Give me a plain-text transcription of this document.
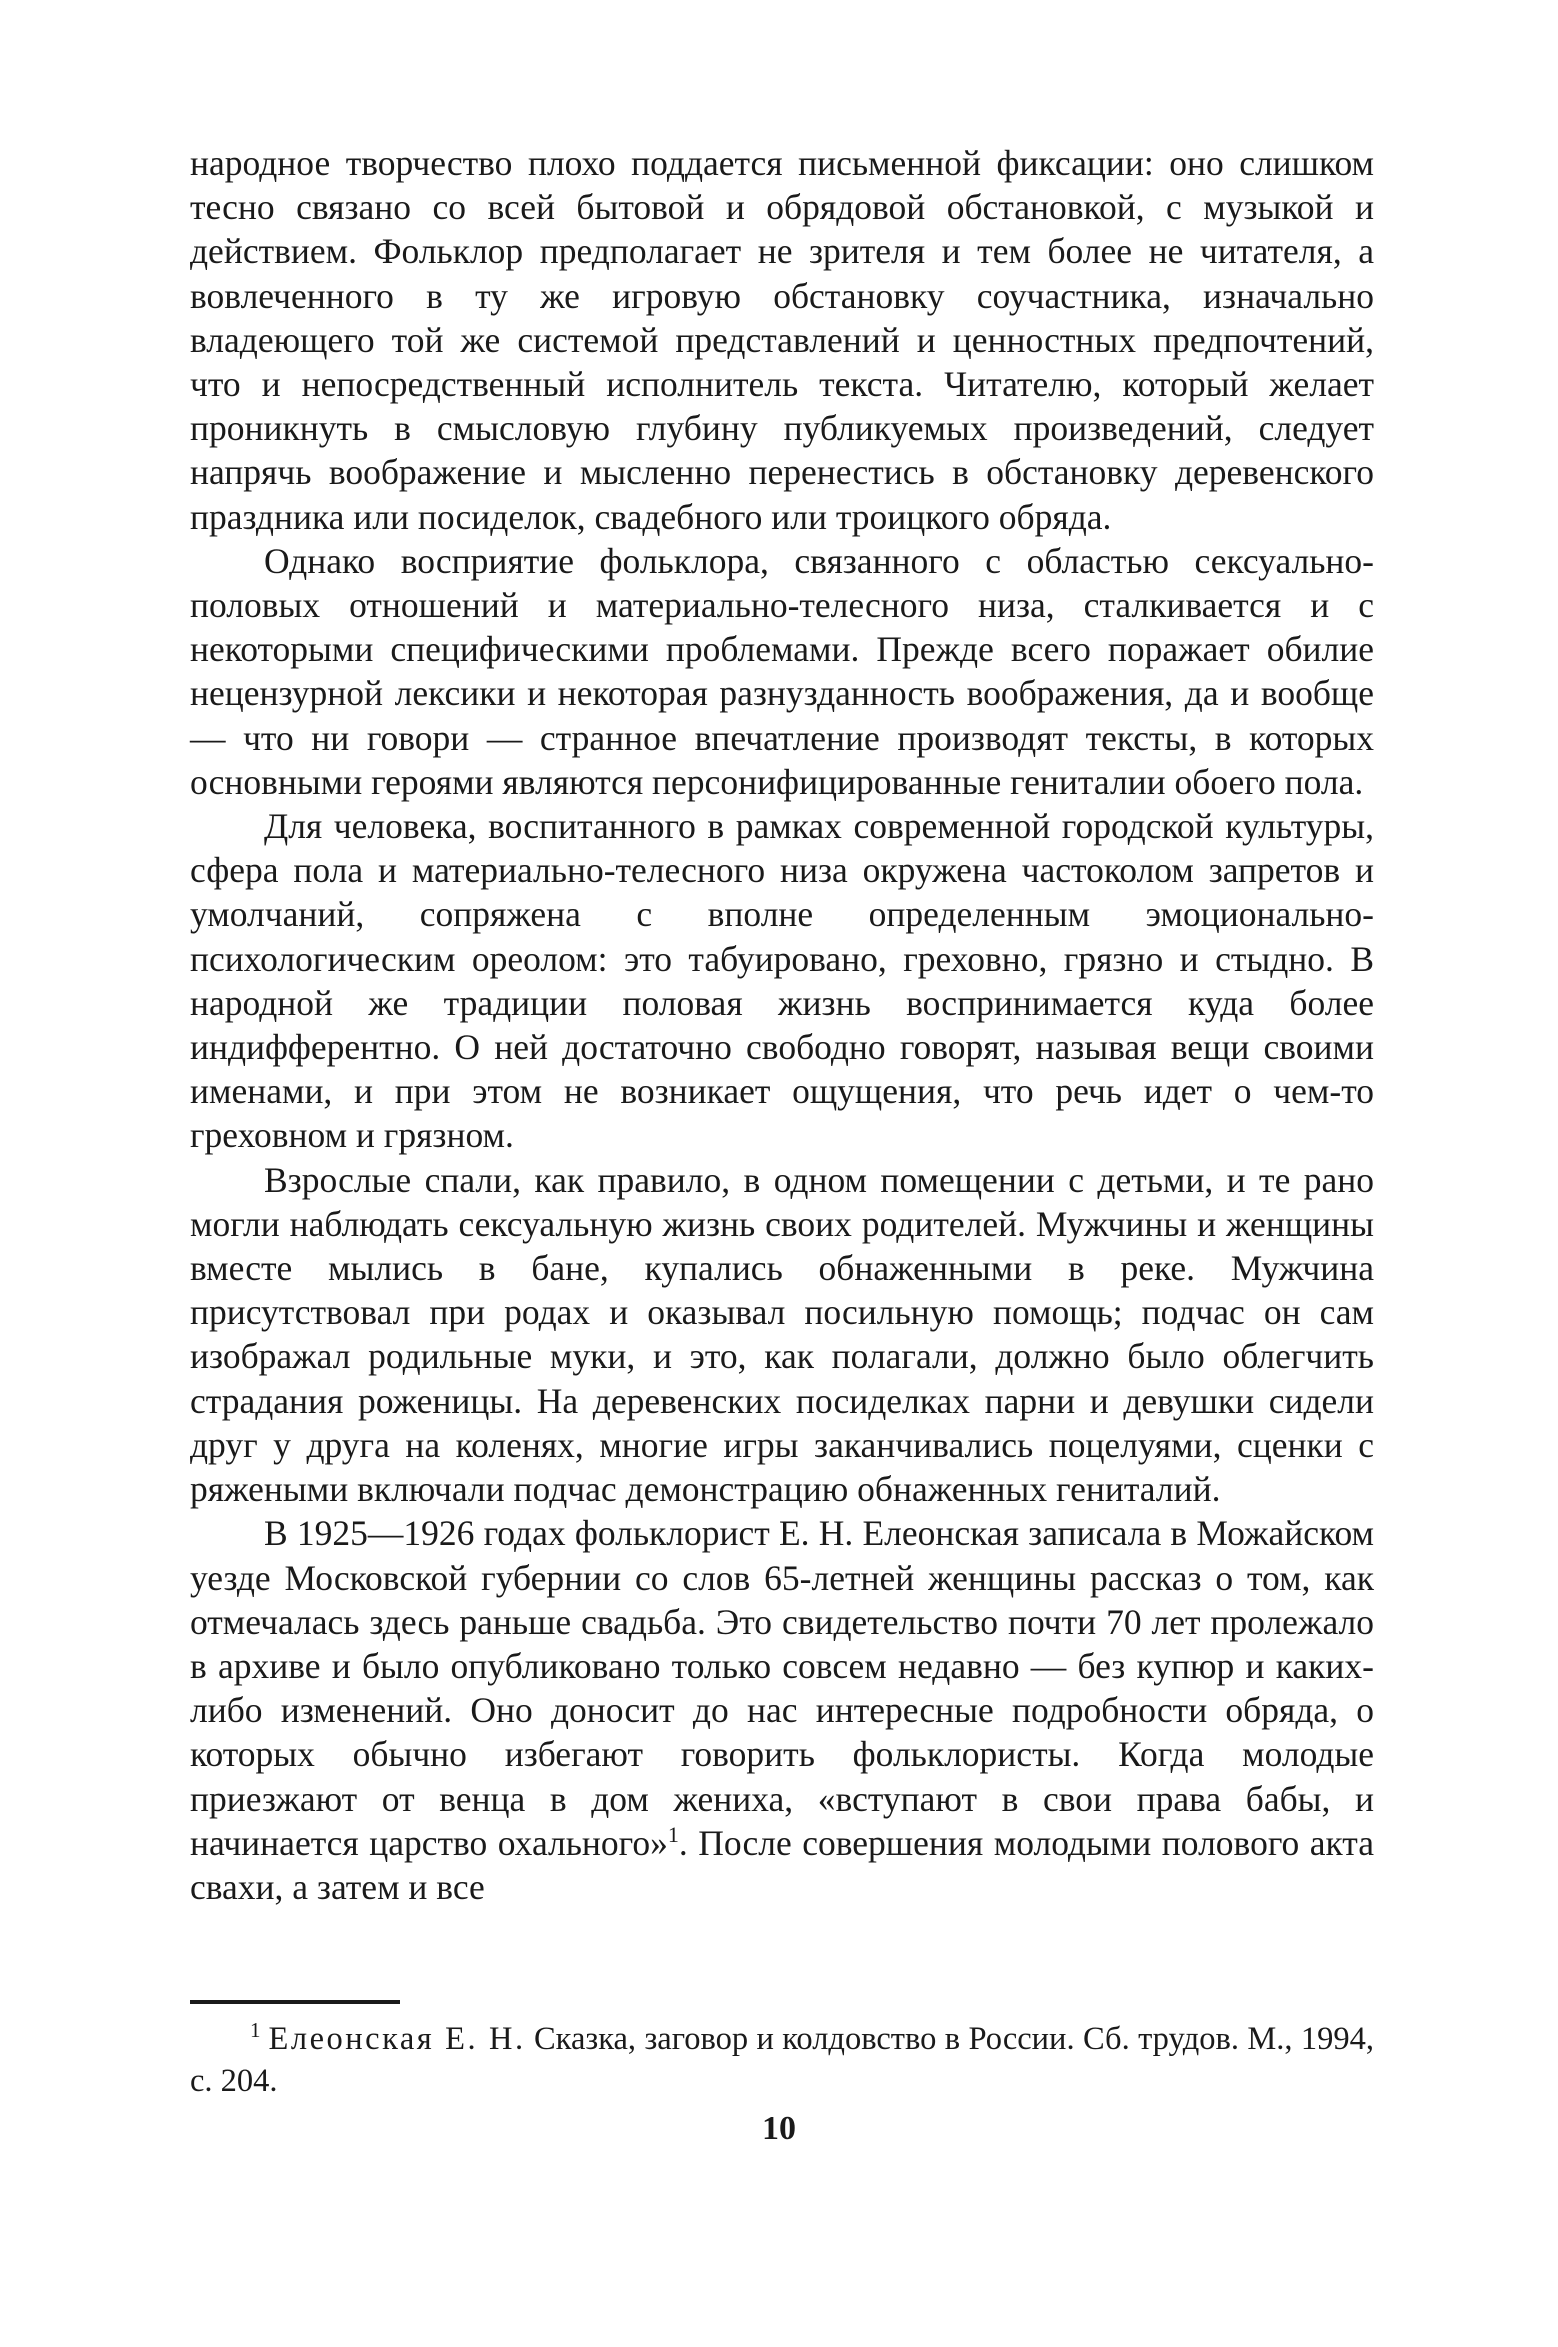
народное творчество плохо поддается письменной фиксации: оно слишком тесно связано со всей бытовой и обрядовой обстановкой, с музыкой и действием. Фольклор предполагает не зрителя и тем более не читателя, а вовлеченного в ту же игровую обстановку соучастника, изначально владеющего той же системой представлений и ценностных предпочтений, что и непосредственный исполнитель текста. Читателю, который желает проникнуть в смысловую глубину публикуемых произведений, следует напрячь воображение и мысленно перенестись в обстановку деревенского праздника или посиделок, свадебного или троицкого обряда.

Однако восприятие фольклора, связанного с областью сексуально-половых отношений и материально-телесного низа, сталкивается и с некоторыми специфическими проблемами. Прежде всего поражает обилие нецензурной лексики и некоторая разнузданность воображения, да и вообще — что ни говори — странное впечатление производят тексты, в которых основными героями являются персонифицированные гениталии обоего пола.

Для человека, воспитанного в рамках современной городской культуры, сфера пола и материально-телесного низа окружена частоколом запретов и умолчаний, сопряжена с вполне определенным эмоционально-психологическим ореолом: это табуировано, греховно, грязно и стыдно. В народной же традиции половая жизнь воспринимается куда более индифферентно. О ней достаточно свободно говорят, называя вещи своими именами, и при этом не возникает ощущения, что речь идет о чем-то греховном и грязном.

Взрослые спали, как правило, в одном помещении с детьми, и те рано могли наблюдать сексуальную жизнь своих родителей. Мужчины и женщины вместе мылись в бане, купались обнаженными в реке. Мужчина присутствовал при родах и оказывал посильную помощь; подчас он сам изображал родильные муки, и это, как полагали, должно было облегчить страдания роженицы. На деревенских посиделках парни и девушки сидели друг у друга на коленях, многие игры заканчивались поцелуями, сценки с ряжеными включали подчас демонстрацию обнаженных гениталий.

В 1925—1926 годах фольклорист Е. Н. Елеонская записала в Можайском уезде Московской губернии со слов 65-летней женщины рассказ о том, как отмечалась здесь раньше свадьба. Это свидетельство почти 70 лет пролежало в архиве и было опубликовано только совсем недавно — без купюр и каких-либо изменений. Оно доносит до нас интересные подробности обряда, о которых обычно избегают говорить фольклористы. Когда молодые приезжают от венца в дом жениха, «вступают в свои права бабы, и начинается царство охального»$^1$. После совершения молодыми полового акта свахи, а затем и все

$^1$ Елеонская Е. Н. Сказка, заговор и колдовство в России. Сб. трудов. М., 1994, с. 204.
10
